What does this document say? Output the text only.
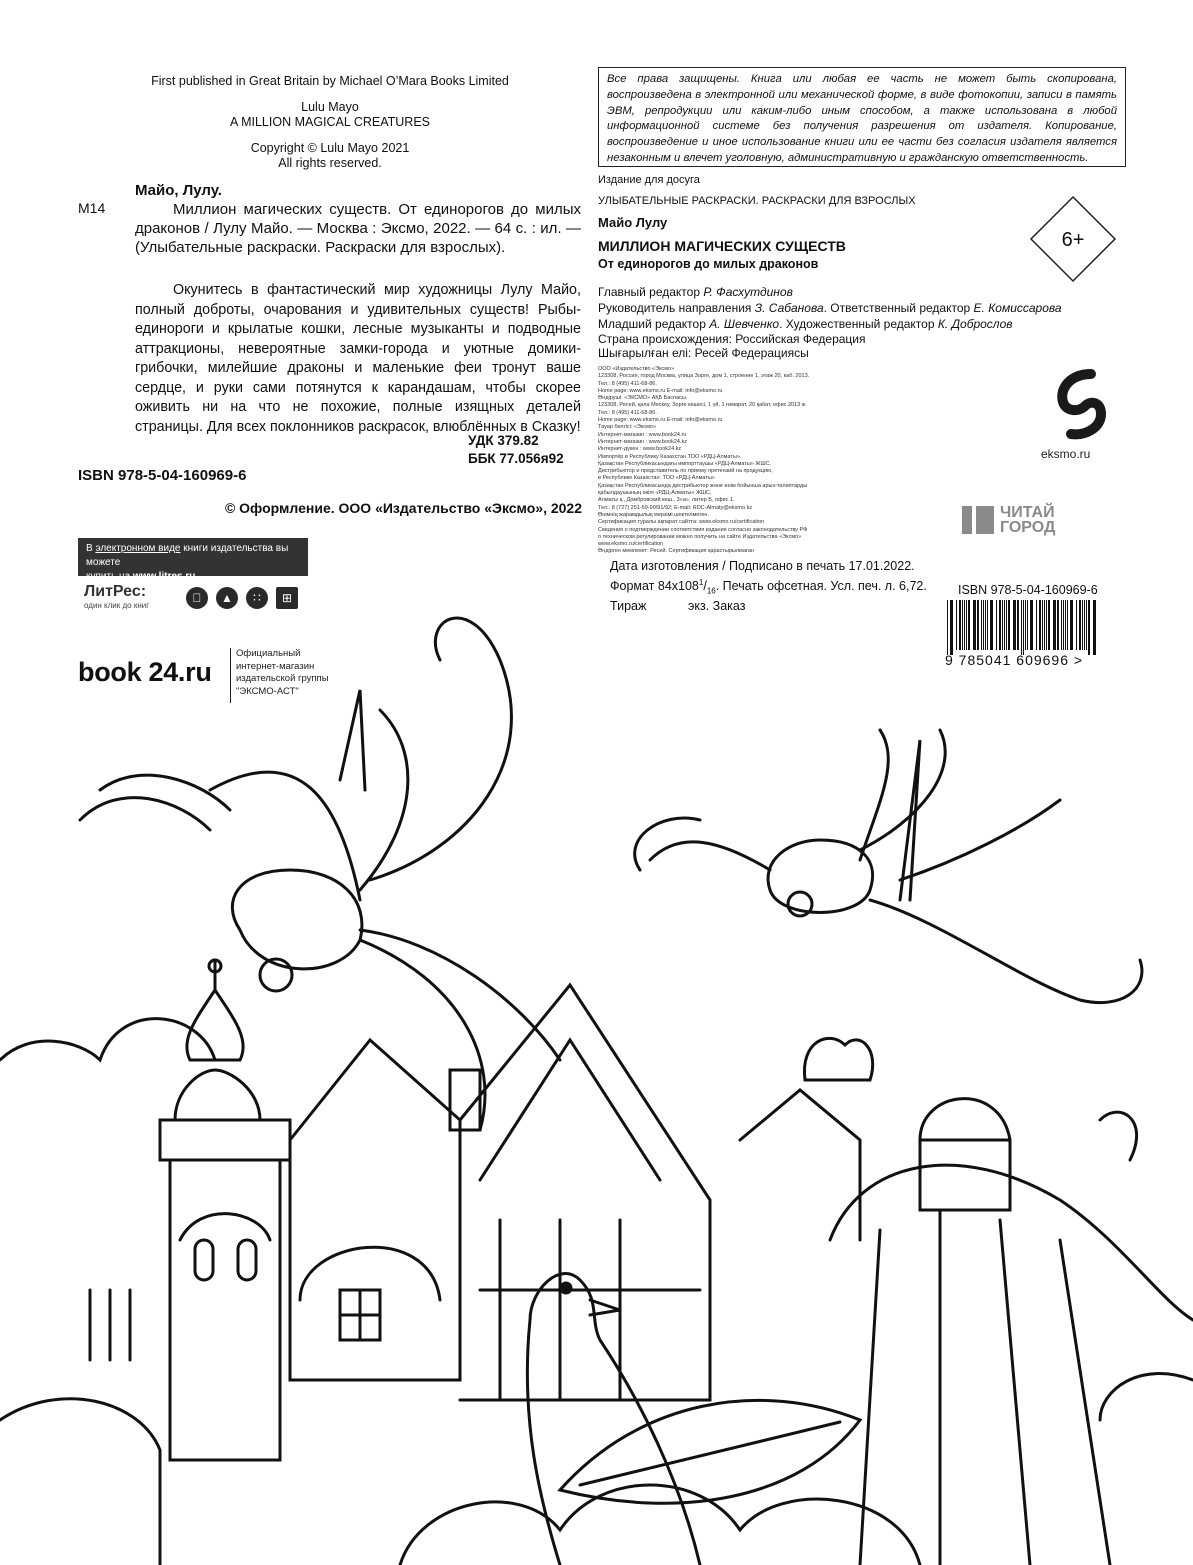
First published in Great Britain by Michael O’Mara Books Limited
Lulu Mayo
A MILLION MAGICAL CREATURES
Copyright © Lulu Mayo 2021
All rights reserved.
Майо, Лулу.
М14	Миллион магических существ. От единорогов до милых драконов / Лулу Майо. — Москва : Эксмо, 2022. — 64 с. : ил. — (Улыбательные раскраски. Раскраски для взрослых).
Окунитесь в фантастический мир художницы Лулу Майо, полный доброты, очарования и удивительных существ! Рыбы-единороги и крылатые кошки, лесные музыканты и подводные аттракционы, невероятные замки-города и уютные домики-грибочки, милейшие драконы и маленькие феи тронут ваше сердце, и руки сами потянутся к карандашам, чтобы скорее оживить ни на что не похожие, полные изящных деталей страницы. Для всех поклонников раскрасок, влюблённых в Сказку!
УДК 379.82
ББК 77.056я92
ISBN 978-5-04-160969-6
© Оформление. ООО «Издательство «Эксмо», 2022
В электронном виде книги издательства вы можете
купить на www.litres.ru
ЛитРес:
один клик до книг
▲	∷	⊞
book 24.ru
Официальный
интернет-магазин
издательской группы
"ЭКСМО-АСТ"
Все права защищены. Книга или любая ее часть не может быть скопирована, воспроизведена в электронной или механической форме, в виде фотокопии, записи в память ЭВМ, репродукции или каким-либо иным способом, а также использована в любой информационной системе без получения разрешения от издателя. Копирование, воспроизведение и иное использование книги или ее части без согласия издателя является незаконным и влечет уголовную, административную и гражданскую ответственность.
Издание для досуга
УЛЫБАТЕЛЬНЫЕ РАСКРАСКИ. РАСКРАСКИ ДЛЯ ВЗРОСЛЫХ
Майо Лулу
МИЛЛИОН МАГИЧЕСКИХ СУЩЕСТВ
От единорогов до милых драконов
Главный редактор Р. Фасхутдинов
Руководитель направления З. Сабанова. Ответственный редактор Е. Комиссарова
Младший редактор А. Шевченко. Художественный редактор К. Доброслов
Страна происхождения: Российская Федерация
Шығарылған елі: Ресей Федерациясы
ООО «Издательство «Эксмо»
123308, Россия, город Москва, улица Зорге, дом 1, строение 1, этаж 20, каб. 2013.
Тел.: 8 (495) 411-68-86.
Home page: www.eksmo.ru E-mail: info@eksmo.ru
Өндіруші: «ЭКСМО» АҚБ Баспасы,
123308, Ресей, қала Мәскеу, Зорге көшесі, 1 үй, 1 ғимарат, 20 қабат, офис 2013 ж.
Тел.: 8 (495) 411-68-86.
Home page: www.eksmo.ru E-mail: info@eksmo.ru
Тауар белгісі: «Эксмо»
Интернет-магазин : www.book24.ru
Интернет-магазин : www.book24.kz
Интернет-дүкен : www.book24.kz
Импортёр в Республику Казахстан ТОО «РДЦ-Алматы».
Қазақстан Республикасындағы импорттаушы «РДЦ-Алматы» ЖШС.
Дистрибьютор и представитель по приему претензий на продукцию,
в Республике Казахстан: ТОО «РДЦ-Алматы»
Қазақстан Республикасында дистрибьютор және өнім бойынша арыз-талаптарды
қабылдаушының өкілі «РДЦ-Алматы» ЖШС,
Алматы қ., Домбровский көш., 3«а», литер Б, офис 1.
Тел.: 8 (727) 251-59-90/91/92; E-mail: RDC-Almaty@eksmo.kz
Өнімнің жарамдылық мерзімі шектелмеген.
Сертификация туралы ақпарат сайтта: www.eksmo.ru/certification
Сведения о подтверждении соответствия издания согласно законодательству РФ
о техническом регулировании можно получить на сайте Издательства «Эксмо»
www.eksmo.ru/certification
Өндірген мемлекет: Ресей. Сертификация қарастырылмаған
Дата изготовления / Подписано в печать 17.01.2022.
Формат $84x108^1/_{16}$. Печать офсетная. Усл. печ. л. 6,72.
Тираж            экз. Заказ
6+
eksmo.ru
ЧИТАЙ
ГОРОД
ISBN 978-5-04-160969-6
9 785041 609696 >
